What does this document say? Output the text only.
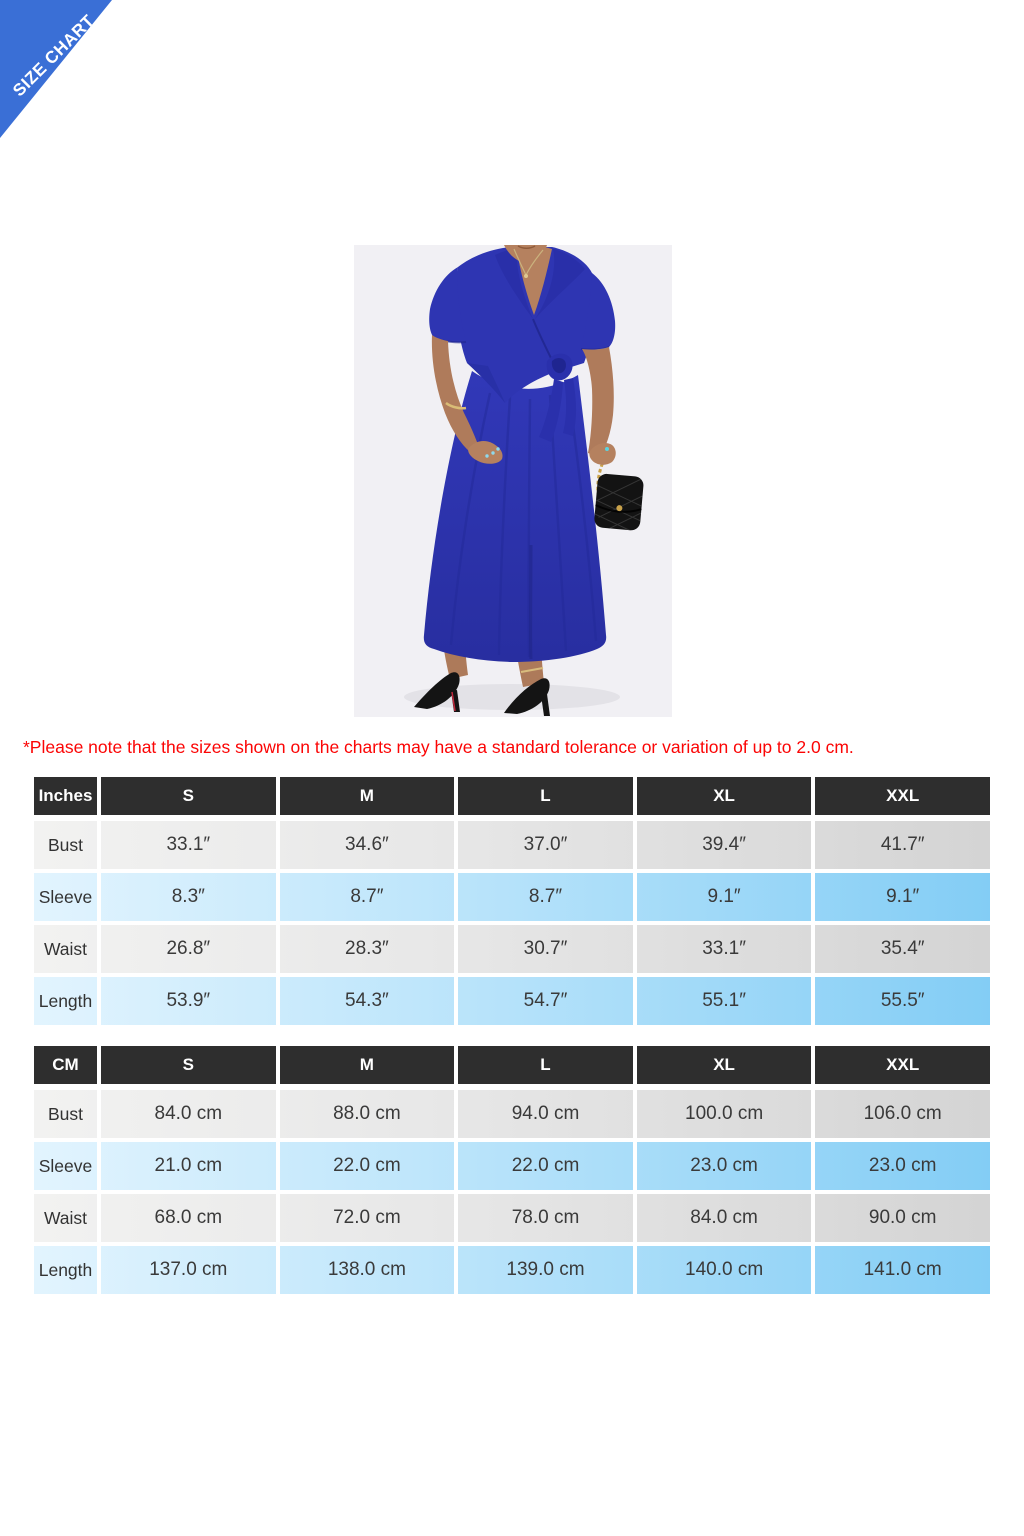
SIZE CHART
*Please note that the sizes shown on the charts may have a standard tolerance or variation of up to 2.0 cm.
Inches	S	M	L	XL	XXL
Bust	33.1″	34.6″	37.0″	39.4″	41.7″
Sleeve	8.3″	8.7″	8.7″	9.1″	9.1″
Waist	26.8″	28.3″	30.7″	33.1″	35.4″
Length	53.9″	54.3″	54.7″	55.1″	55.5″
CM	S	M	L	XL	XXL
Bust	84.0 cm	88.0 cm	94.0 cm	100.0 cm	106.0 cm
Sleeve	21.0 cm	22.0 cm	22.0 cm	23.0 cm	23.0 cm
Waist	68.0 cm	72.0 cm	78.0 cm	84.0 cm	90.0 cm
Length	137.0 cm	138.0 cm	139.0 cm	140.0 cm	141.0 cm
